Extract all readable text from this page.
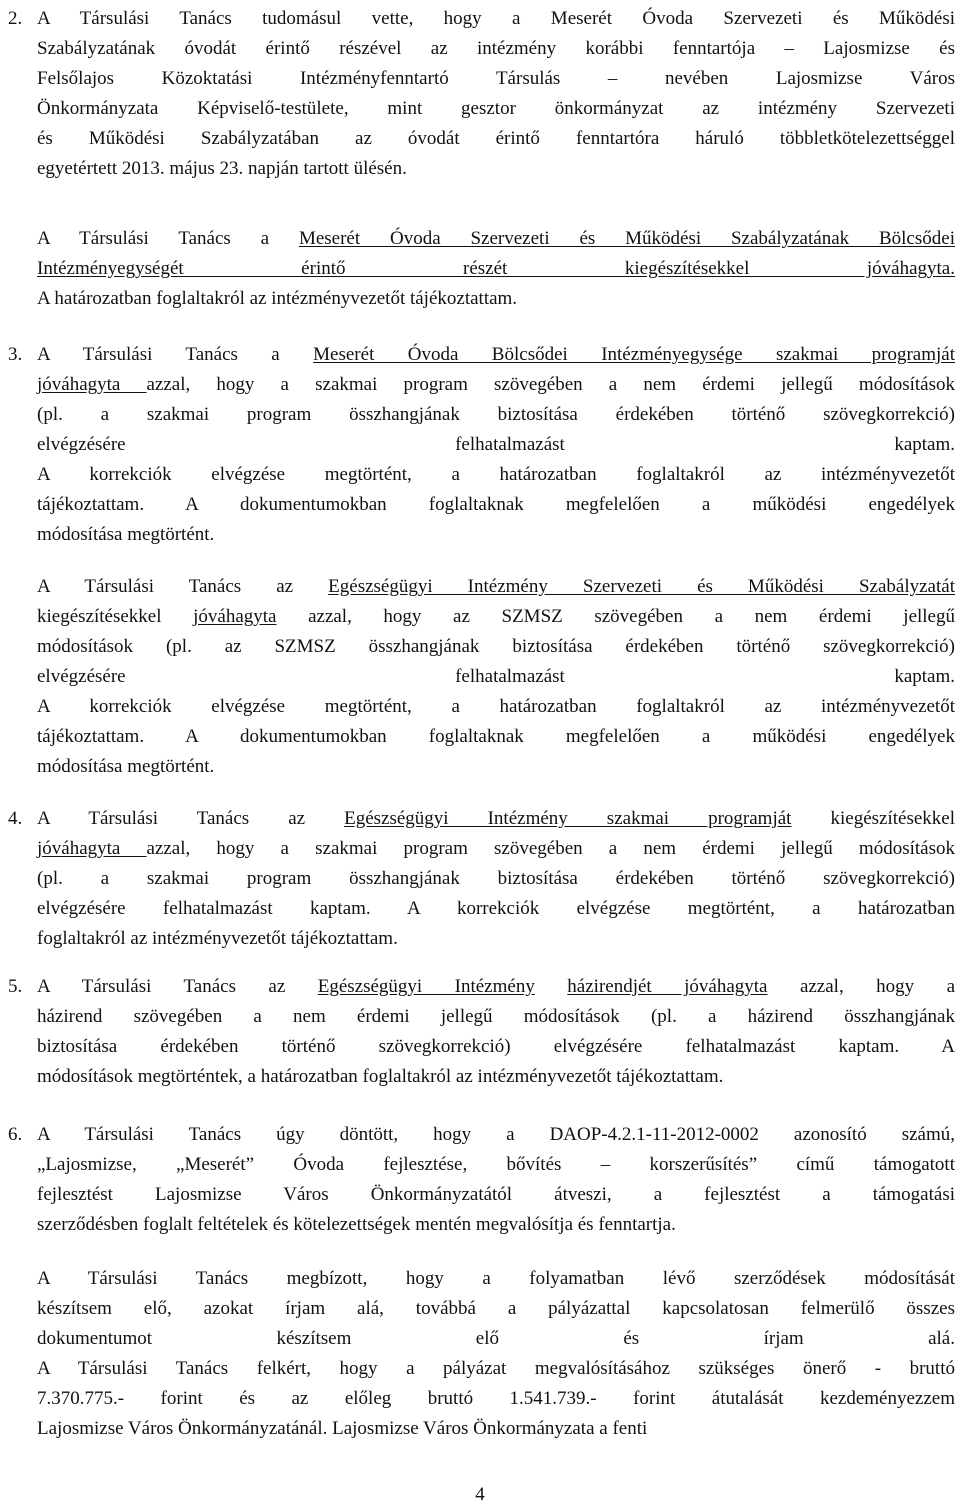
2. A Társulási Tanács tudomásul vette, hogy a Meserét Óvoda Szervezeti és Működési
Szabályzatának óvodát érintő részével az intézmény korábbi fenntartója – Lajosmizse és
Felsőlajos Közoktatási Intézményfenntartó Társulás – nevében Lajosmizse Város
Önkormányzata Képviselő-testülete, mint gesztor önkormányzat az intézmény Szervezeti
és Működési Szabályzatában az óvodát érintő fenntartóra háruló többletkötelezettséggel
egyetértett 2013. május 23. napján tartott ülésén.
A Társulási Tanács a Meserét Óvoda Szervezeti és Működési Szabályzatának Bölcsődei
Intézményegységét érintő részét kiegészítésekkel jóváhagyta.
A határozatban foglaltakról az intézményvezetőt tájékoztattam.
3. A Társulási Tanács a Meserét Óvoda Bölcsődei Intézményegysége szakmai programját
jóváhagyta azzal, hogy a szakmai program szövegében a nem érdemi jellegű módosítások
(pl. a szakmai program összhangjának biztosítása érdekében történő szövegkorrekció)
elvégzésére felhatalmazást kaptam.
A korrekciók elvégzése megtörtént, a határozatban foglaltakról az intézményvezetőt
tájékoztattam. A dokumentumokban foglaltaknak megfelelően a működési engedélyek
módosítása megtörtént.
A Társulási Tanács az Egészségügyi Intézmény Szervezeti és Működési Szabályzatát
kiegészítésekkel jóváhagyta azzal, hogy az SZMSZ szövegében a nem érdemi jellegű
módosítások (pl. az SZMSZ összhangjának biztosítása érdekében történő szövegkorrekció)
elvégzésére felhatalmazást kaptam.
A korrekciók elvégzése megtörtént, a határozatban foglaltakról az intézményvezetőt
tájékoztattam. A dokumentumokban foglaltaknak megfelelően a működési engedélyek
módosítása megtörtént.
4. A Társulási Tanács az Egészségügyi Intézmény szakmai programját kiegészítésekkel
jóváhagyta azzal, hogy a szakmai program szövegében a nem érdemi jellegű módosítások
(pl. a szakmai program összhangjának biztosítása érdekében történő szövegkorrekció)
elvégzésére felhatalmazást kaptam. A korrekciók elvégzése megtörtént, a határozatban
foglaltakról az intézményvezetőt tájékoztattam.
5. A Társulási Tanács az Egészségügyi Intézmény házirendjét jóváhagyta azzal, hogy a
házirend szövegében a nem érdemi jellegű módosítások (pl. a házirend összhangjának
biztosítása érdekében történő szövegkorrekció) elvégzésére felhatalmazást kaptam. A
módosítások megtörténtek, a határozatban foglaltakról az intézményvezetőt tájékoztattam.
6. A Társulási Tanács úgy döntött, hogy a DAOP-4.2.1-11-2012-0002 azonosító számú,
„Lajosmizse, „Meserét” Óvoda fejlesztése, bővítés – korszerűsítés” című támogatott
fejlesztést Lajosmizse Város Önkormányzatától átveszi, a fejlesztést a támogatási
szerződésben foglalt feltételek és kötelezettségek mentén megvalósítja és fenntartja.
A Társulási Tanács megbízott, hogy a folyamatban lévő szerződések módosítását
készítsem elő, azokat írjam alá, továbbá a pályázattal kapcsolatosan felmerülő összes
dokumentumot készítsem elő és írjam alá.
A Társulási Tanács felkért, hogy a pályázat megvalósításához szükséges önerő - bruttó
7.370.775.- forint és az előleg bruttó 1.541.739.- forint átutalását kezdeményezzem
Lajosmizse Város Önkormányzatánál. Lajosmizse Város Önkormányzata a fenti
4
